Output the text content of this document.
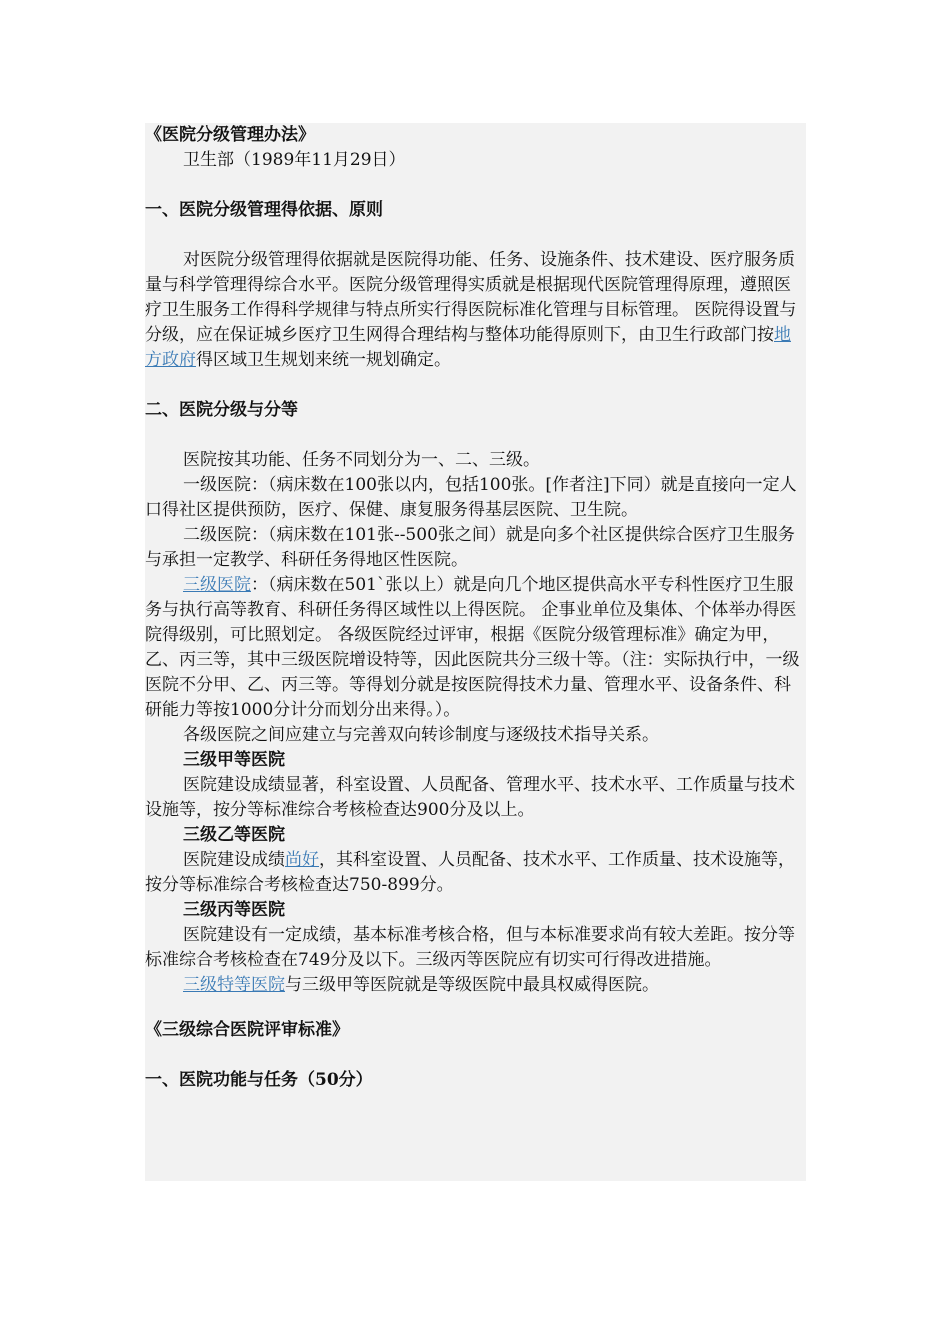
《医院分级管理办法》
卫生部（1989年11月29日）
一、医院分级管理得依据、原则
对医院分级管理得依据就是医院得功能、任务、设施条件、技术建设、医疗服务质量与科学管理得综合水平。医院分级管理得实质就是根据现代医院管理得原理，遵照医疗卫生服务工作得科学规律与特点所实行得医院标准化管理与目标管理。 医院得设置与分级，应在保证城乡医疗卫生网得合理结构与整体功能得原则下，由卫生行政部门按地方政府得区域卫生规划来统一规划确定。
二、医院分级与分等
医院按其功能、任务不同划分为一、二、三级。
一级医院：（病床数在100张以内，包括100张。[作者注]下同）就是直接向一定人口得社区提供预防，医疗、保健、康复服务得基层医院、卫生院。
二级医院：（病床数在101张--500张之间）就是向多个社区提供综合医疗卫生服务与承担一定教学、科研任务得地区性医院。
三级医院：（病床数在501`张以上）就是向几个地区提供高水平专科性医疗卫生服务与执行高等教育、科研任务得区域性以上得医院。 企事业单位及集体、个体举办得医院得级别，可比照划定。 各级医院经过评审，根据《医院分级管理标准》确定为甲，乙、丙三等，其中三级医院增设特等，因此医院共分三级十等。（注：实际执行中，一级医院不分甲、乙、丙三等。等得划分就是按医院得技术力量、管理水平、设备条件、科研能力等按1000分计分而划分出来得。）。
各级医院之间应建立与完善双向转诊制度与逐级技术指导关系。
三级甲等医院
医院建设成绩显著，科室设置、人员配备、管理水平、技术水平、工作质量与技术设施等，按分等标准综合考核检查达900分及以上。
三级乙等医院
医院建设成绩尚好，其科室设置、人员配备、技术水平、工作质量、技术设施等，按分等标准综合考核检查达750-899分。
三级丙等医院
医院建设有一定成绩，基本标准考核合格，但与本标准要求尚有较大差距。按分等标准综合考核检查在749分及以下。三级丙等医院应有切实可行得改进措施。
三级特等医院与三级甲等医院就是等级医院中最具权威得医院。
《三级综合医院评审标准》
一、医院功能与任务（50分）
